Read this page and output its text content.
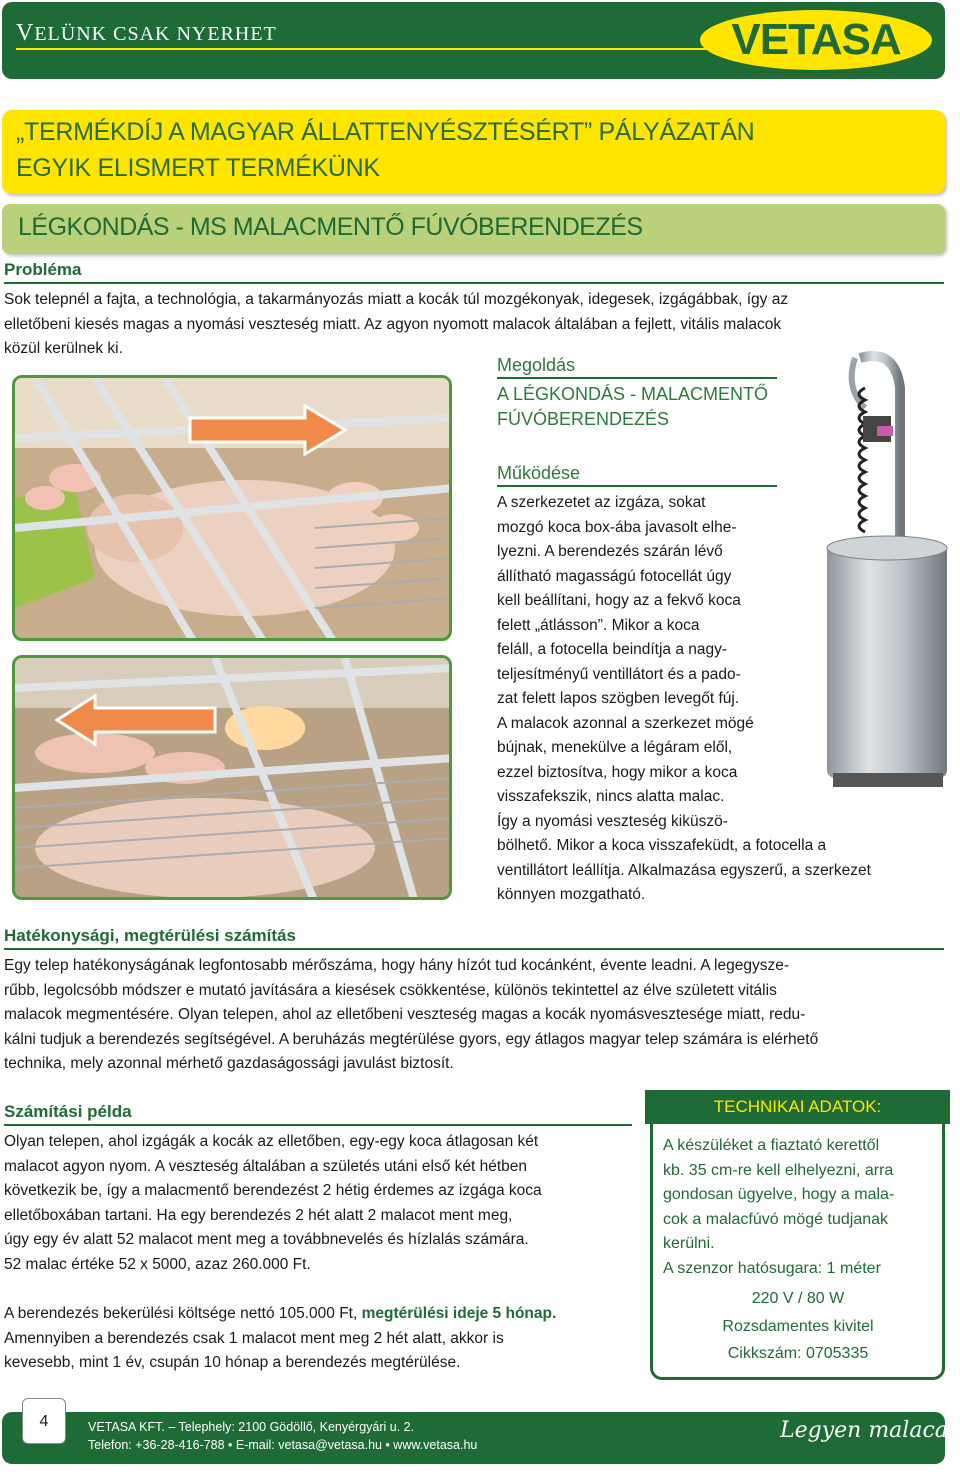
VELÜNK CSAK NYERHET	VETASA
„TERMÉKDÍJ A MAGYAR ÁLLATTENYÉSZTÉSÉRT” PÁLYÁZATÁN
EGYIK ELISMERT TERMÉKÜNK
LÉGKONDÁS - MS MALACMENTŐ FÚVÓBERENDEZÉS
Probléma
Sok telepnél a fajta, a technológia, a takarmányozás miatt a kocák túl mozgékonyak, idegesek, izgágábbak, így az
elletőbeni kiesés magas a nyomási veszteség miatt. Az agyon nyomott malacok általában a fejlett, vitális malacok
közül kerülnek ki.
Megoldás
A LÉGKONDÁS - MALACMENTŐ
FÚVÓBERENDEZÉS
Működése
A szerkezetet az izgáza, sokat
mozgó koca box-ába javasolt elhe-
lyezni. A berendezés szárán lévő
állítható magasságú fotocellát úgy
kell beállítani, hogy az a fekvő koca
felett „átlásson”. Mikor a koca
feláll, a fotocella beindítja a nagy-
teljesítményű ventillátort és a pado-
zat felett lapos szögben levegőt fúj.
A malacok azonnal a szerkezet mögé
bújnak, menekülve a légáram elől,
ezzel biztosítva, hogy mikor a koca
visszafekszik, nincs alatta malac.
Így a nyomási veszteség kiküszö-
bölhető. Mikor a koca visszafeküdt, a fotocella a
ventillátort leállítja. Alkalmazása egyszerű, a szerkezet
könnyen mozgatható.
Hatékonysági, megtérülési számítás
Egy telep hatékonyságának legfontosabb mérőszáma, hogy hány hízót tud kocánként, évente leadni. A legegysze-
rűbb, legolcsóbb módszer e mutató javítására a kiesések csökkentése, különös tekintettel az élve született vitális
malacok megmentésére. Olyan telepen, ahol az elletőbeni veszteség magas a kocák nyomásvesztesége miatt, redu-
kálni tudjuk a berendezés segítségével. A beruházás megtérülése gyors, egy átlagos magyar telep számára is elérhető
technika, mely azonnal mérhető gazdaságossági javulást biztosít.
Számítási példa
Olyan telepen, ahol izgágák a kocák az elletőben, egy-egy koca átlagosan két
malacot agyon nyom. A veszteség általában a születés utáni első két hétben
következik be, így a malacmentő berendezést 2 hétig érdemes az izgága koca
elletőboxában tartani. Ha egy berendezés 2 hét alatt 2 malacot ment meg,
úgy egy év alatt 52 malacot ment meg a továbbnevelés és hízlalás számára.
52 malac értéke 52 x 5000, azaz 260.000 Ft.
A berendezés bekerülési költsége nettó 105.000 Ft, megtérülési ideje 5 hónap.
Amennyiben a berendezés csak 1 malacot ment meg 2 hét alatt, akkor is
kevesebb, mint 1 év, csupán 10 hónap a berendezés megtérülése.
TECHNIKAI ADATOK:
A készüléket a fiaztató kerettől
kb. 35 cm-re kell elhelyezni, arra
gondosan ügyelve, hogy a mala-
cok a malacfúvó mögé tudjanak
kerülni.
A szenzor hatósugara: 1 méter
220 V / 80 W
Rozsdamentes kivitel
Cikkszám: 0705335
4	VETASA KFT. – Telephely: 2100 Gödöllő, Kenyérgyári u. 2.
Telefon: +36-28-416-788 • E-mail: vetasa@vetasa.hu • www.vetasa.hu
Legyen malaca!
